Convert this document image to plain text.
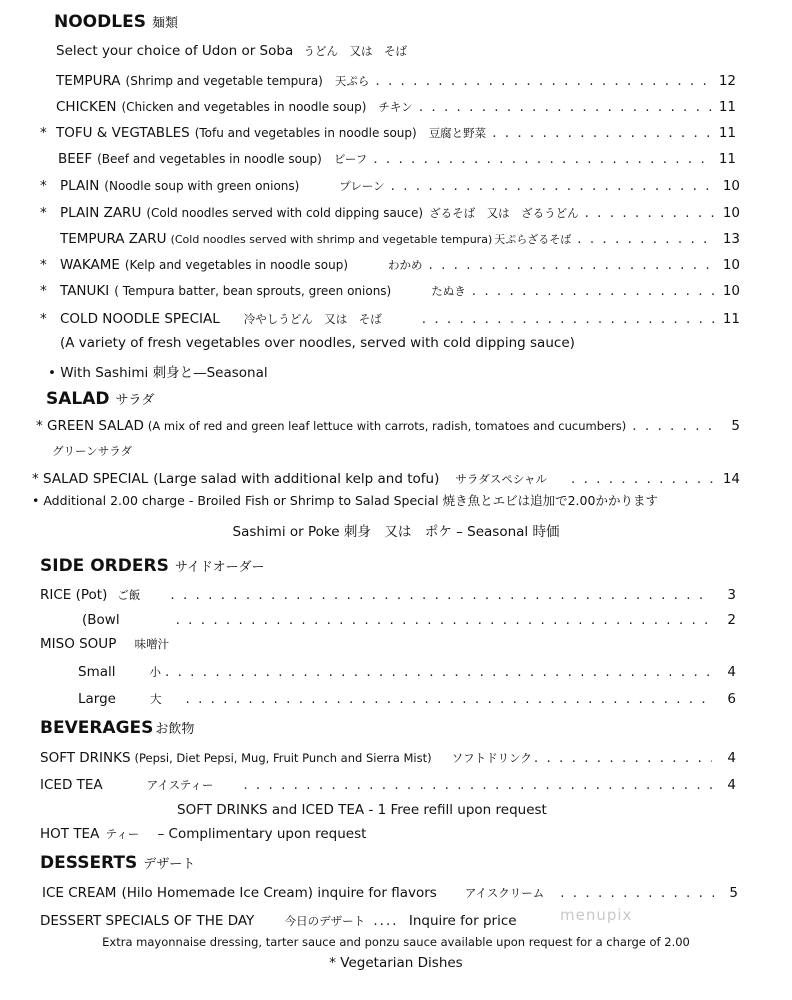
NOODLES 麺類
Select your choice of Udon or Soba うどん　又は　そば
TEMPURA (Shrimp and vegetable tempura) 天ぷら . . .	12
CHICKEN (Chicken and vegetables in noodle soup) チキン . . .	11
* TOFU & VEGTABLES (Tofu and vegetables in noodle soup) 豆腐と野菜 . . .	11
BEEF (Beef and vegetables in noodle soup) ビーフ . . .	11
* PLAIN (Noodle soup with green onions)	プレーン . . .	10
* PLAIN ZARU (Cold noodles served with cold dipping sauce) ざるそば　又は　ざるうどん . . .	10
TEMPURA ZARU (Cold noodles served with shrimp and vegetable tempura) 天ぷらざるそば . . .	13
* WAKAME (Kelp and vegetables in noodle soup)	わかめ . . .	10
* TANUKI ( Tempura batter, bean sprouts, green onions)	たぬき . . .	10
* COLD NOODLE SPECIAL 冷やしうどん　又は　そば . . .	11
(A variety of fresh vegetables over noodles, served with cold dipping sauce)
• With Sashimi 刺身と—Seasonal
SALAD サラダ
* GREEN SALAD (A mix of red and green leaf lettuce with carrots, radish, tomatoes and cucumbers) . . .	5
グリーンサラダ
* SALAD SPECIAL (Large salad with additional kelp and tofu) サラダスペシャル . . .	14
• Additional 2.00 charge - Broiled Fish or Shrimp to Salad Special 焼き魚とエビは追加で2.00かかります
Sashimi or Poke 刺身　又は　ポケ – Seasonal 時価
SIDE ORDERS サイドオーダー
RICE (Pot) ご飯 . . .	3
(Bowl . . .	2
MISO SOUP 味噌汁
Small	小 . . .	4
Large	大 . . .	6
BEVERAGES お飲物
SOFT DRINKS (Pepsi, Diet Pepsi, Mug, Fruit Punch and Sierra Mist) ソフトドリンク . . .	4
ICED TEA	アイスティー . . .	4
SOFT DRINKS and ICED TEA - 1 Free refill upon request
HOT TEA ティー – Complimentary upon request
DESSERTS デザート
ICE CREAM (Hilo Homemade Ice Cream) inquire for flavors アイスクリーム . . .	5
DESSERT SPECIALS OF THE DAY	今日のデザート .... Inquire for price	menupix
Extra mayonnaise dressing, tarter sauce and ponzu sauce available upon request for a charge of 2.00
* Vegetarian Dishes
